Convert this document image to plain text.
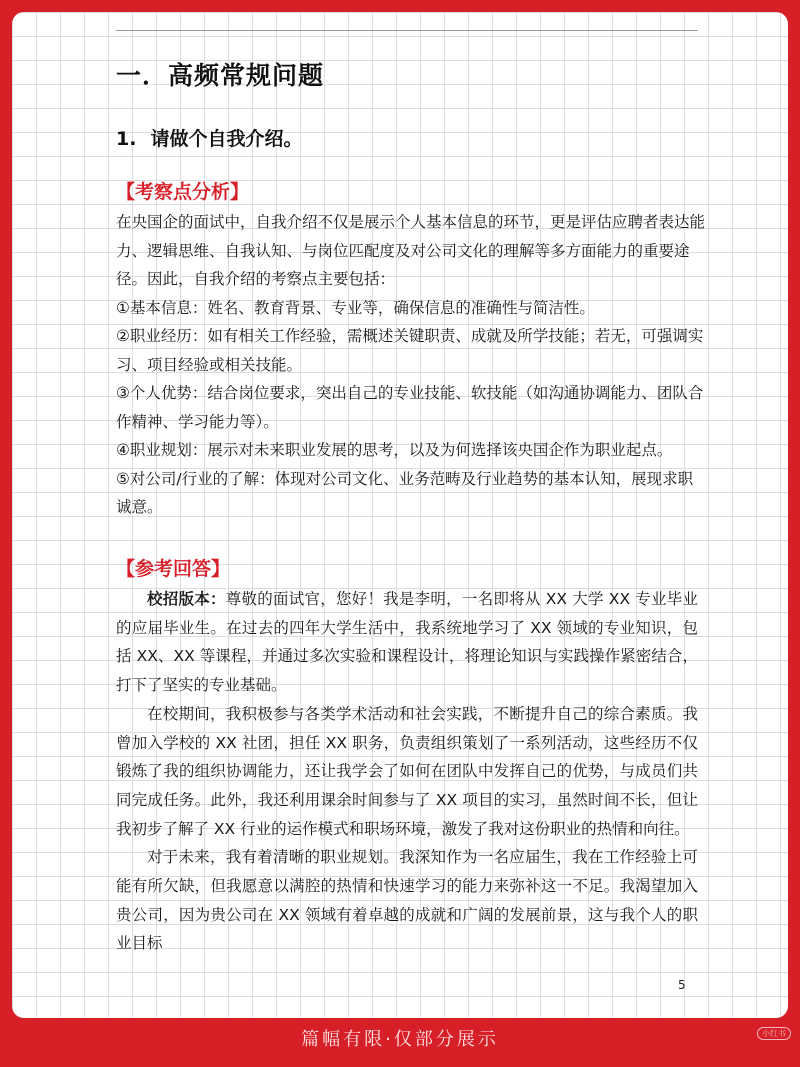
一．高频常规问题
1. 请做个自我介绍。
【考察点分析】
在央国企的面试中，自我介绍不仅是展示个人基本信息的环节，更是评估应聘者表达能力、逻辑思维、自我认知、与岗位匹配度及对公司文化的理解等多方面能力的重要途径。因此，自我介绍的考察点主要包括：
①基本信息：姓名、教育背景、专业等，确保信息的准确性与简洁性。
②职业经历：如有相关工作经验，需概述关键职责、成就及所学技能；若无，可强调实习、项目经验或相关技能。
③个人优势：结合岗位要求，突出自己的专业技能、软技能（如沟通协调能力、团队合作精神、学习能力等）。
④职业规划：展示对未来职业发展的思考，以及为何选择该央国企作为职业起点。
⑤对公司/行业的了解：体现对公司文化、业务范畴及行业趋势的基本认知，展现求职诚意。
【参考回答】

校招版本：尊敬的面试官，您好！我是李明，一名即将从 XX 大学 XX 专业毕业的应届毕业生。在过去的四年大学生活中，我系统地学习了 XX 领域的专业知识，包括 XX、XX 等课程，并通过多次实验和课程设计，将理论知识与实践操作紧密结合，打下了坚实的专业基础。

在校期间，我积极参与各类学术活动和社会实践，不断提升自己的综合素质。我曾加入学校的 XX 社团，担任 XX 职务，负责组织策划了一系列活动，这些经历不仅锻炼了我的组织协调能力，还让我学会了如何在团队中发挥自己的优势，与成员们共同完成任务。此外，我还利用课余时间参与了 XX 项目的实习，虽然时间不长，但让我初步了解了 XX 行业的运作模式和职场环境，激发了我对这份职业的热情和向往。

对于未来，我有着清晰的职业规划。我深知作为一名应届生，我在工作经验上可能有所欠缺，但我愿意以满腔的热情和快速学习的能力来弥补这一不足。我渴望加入贵公司，因为贵公司在 XX 领域有着卓越的成就和广阔的发展前景，这与我个人的职业目标

5
篇幅有限·仅部分展示	小红书
